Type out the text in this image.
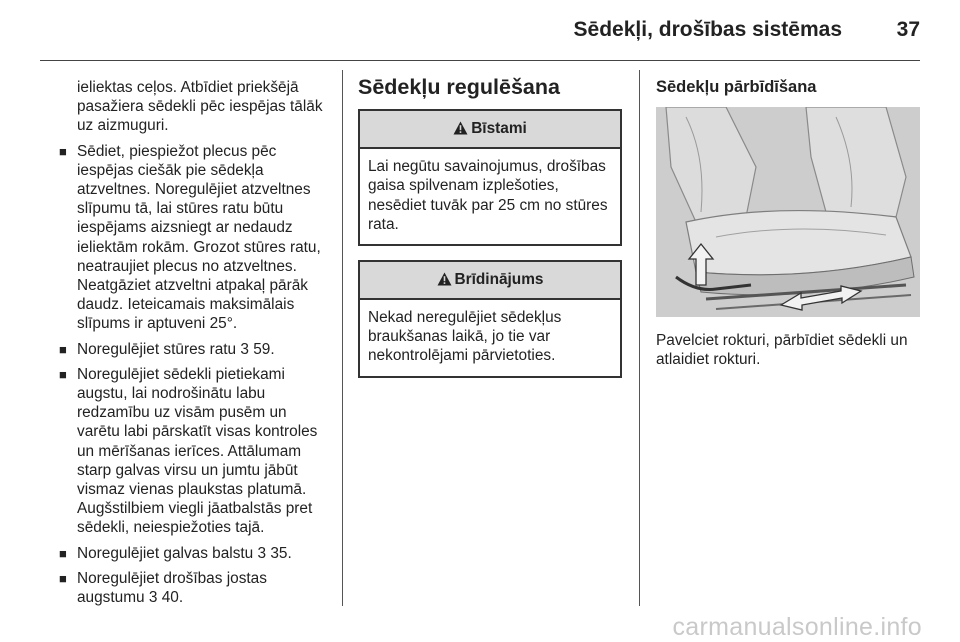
Sēdekļi, drošības sistēmas	37

ieliektas ceļos. Atbīdiet priekšējā pasažiera sēdekli pēc iespējas tālāk uz aizmuguri.

■ Sēdiet, piespiežot plecus pēc iespējas ciešāk pie sēdekļa atzveltnes. Noregulējiet atzveltnes slīpumu tā, lai stūres ratu būtu iespējams aizsniegt ar nedaudz ieliektām rokām. Grozot stūres ratu, neatraujiet plecus no atzveltnes. Neatgāziet atzveltni atpakaļ pārāk daudz. Ieteicamais maksimālais slīpums ir aptuveni 25°.
■ Noregulējiet stūres ratu 3 59.
■ Noregulējiet sēdekli pietiekami augstu, lai nodrošinātu labu redzamību uz visām pusēm un varētu labi pārskatīt visas kontroles un mērīšanas ierīces. Attālumam starp galvas virsu un jumtu jābūt vismaz vienas plaukstas platumā. Augšstilbiem viegli jāatbalstās pret sēdekli, neiespiežoties tajā.
■ Noregulējiet galvas balstu 3 35.
■ Noregulējiet drošības jostas augstumu 3 40.
Sēdekļu regulēšana
Bīstami
Lai negūtu savainojumus, drošības gaisa spilvenam izplešoties, nesēdiet tuvāk par 25 cm no stūres rata.
Brīdinājums
Nekad neregulējiet sēdekļus braukšanas laikā, jo tie var nekontrolējami pārvietoties.
Sēdekļu pārbīdīšana

Pavelciet rokturi, pārbīdiet sēdekli un atlaidiet rokturi.

carmanualsonline.info
